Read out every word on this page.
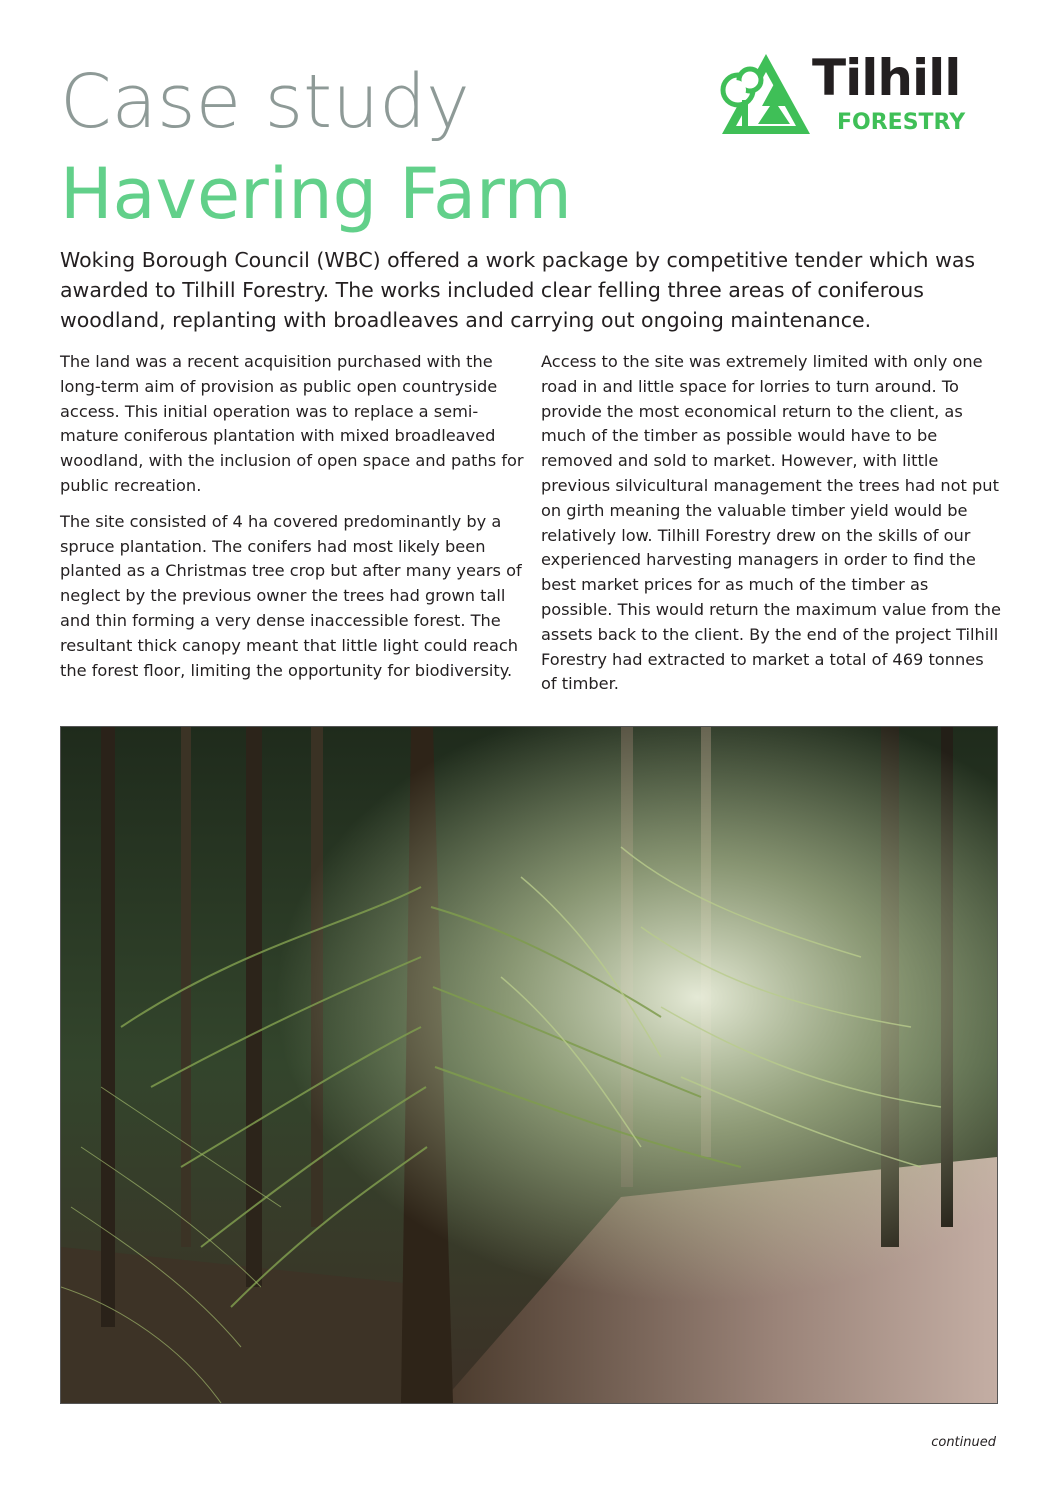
Case study
Havering Farm
Tilhill
FORESTRY
Woking Borough Council (WBC) offered a work package by competitive tender which was awarded to Tilhill Forestry. The works included clear felling three areas of coniferous woodland, replanting with broadleaves and carrying out ongoing maintenance.

The land was a recent acquisition purchased with the long-term aim of provision as public open countryside access. This initial operation was to replace a semi-mature coniferous plantation with mixed broadleaved woodland, with the inclusion of open space and paths for public recreation.

The site consisted of 4 ha covered predominantly by a spruce plantation. The conifers had most likely been planted as a Christmas tree crop but after many years of neglect by the previous owner the trees had grown tall and thin forming a very dense inaccessible forest. The resultant thick canopy meant that little light could reach the forest floor, limiting the opportunity for biodiversity.

Access to the site was extremely limited with only one road in and little space for lorries to turn around. To provide the most economical return to the client, as much of the timber as possible would have to be removed and sold to market. However, with little previous silvicultural management the trees had not put on girth meaning the valuable timber yield would be relatively low. Tilhill Forestry drew on the skills of our experienced harvesting managers in order to find the best market prices for as much of the timber as possible. This would return the maximum value from the assets back to the client. By the end of the project Tilhill Forestry had extracted to market a total of 469 tonnes of timber.

continued
